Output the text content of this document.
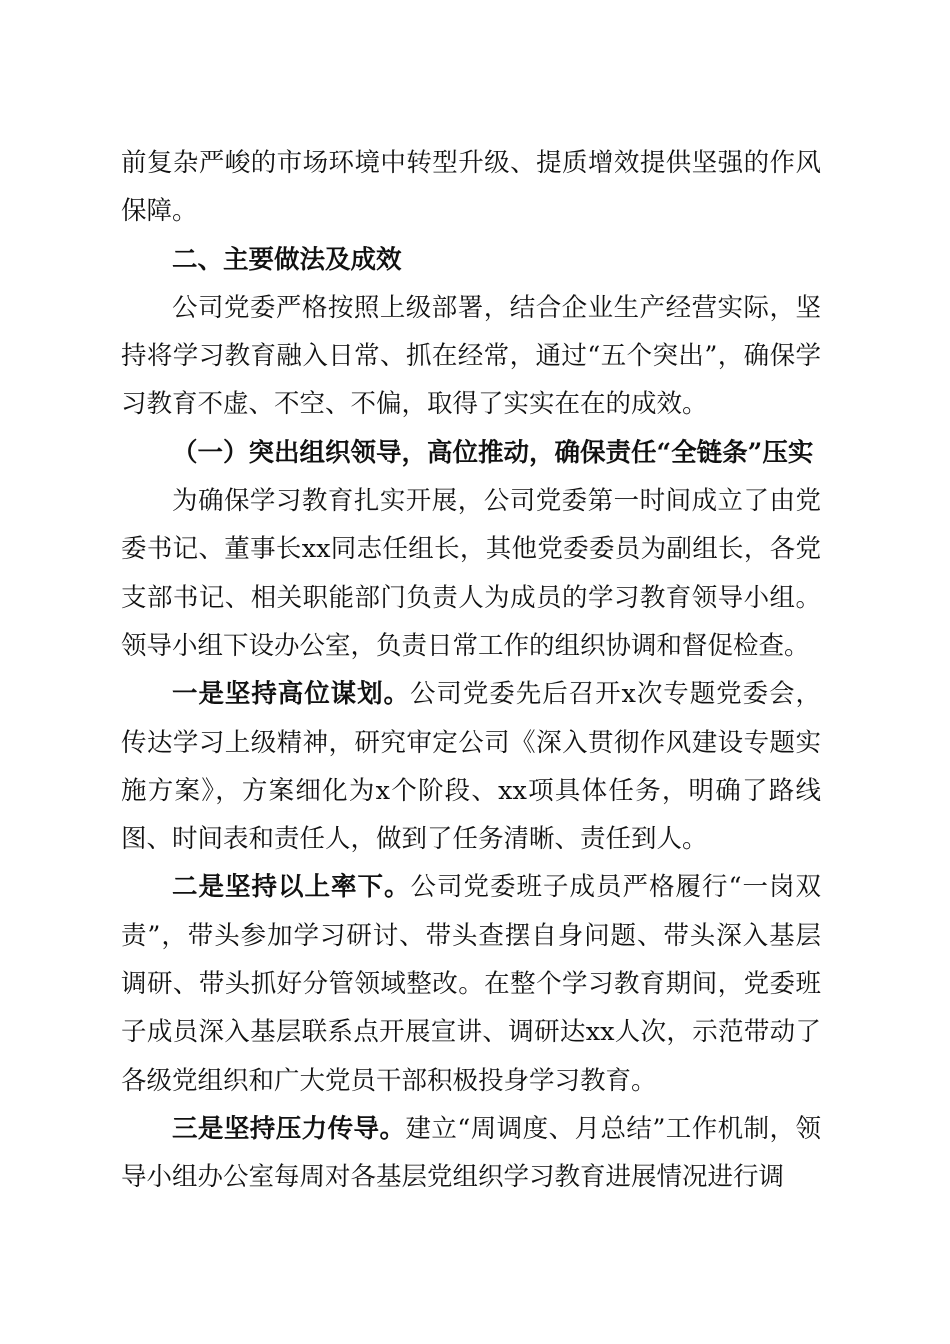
前复杂严峻的市场环境中转型升级、提质增效提供坚强的作风保障。

二、主要做法及成效

公司党委严格按照上级部署，结合企业生产经营实际，坚持将学习教育融入日常、抓在经常，通过“五个突出”，确保学习教育不虚、不空、不偏，取得了实实在在的成效。

（一）突出组织领导，高位推动，确保责任“全链条”压实

为确保学习教育扎实开展，公司党委第一时间成立了由党委书记、董事长xx同志任组长，其他党委委员为副组长，各党支部书记、相关职能部门负责人为成员的学习教育领导小组。领导小组下设办公室，负责日常工作的组织协调和督促检查。

一是坚持高位谋划。公司党委先后召开x次专题党委会，传达学习上级精神，研究审定公司《深入贯彻作风建设专题实施方案》，方案细化为x个阶段、xx项具体任务，明确了路线图、时间表和责任人，做到了任务清晰、责任到人。

二是坚持以上率下。公司党委班子成员严格履行“一岗双责”，带头参加学习研讨、带头查摆自身问题、带头深入基层调研、带头抓好分管领域整改。在整个学习教育期间，党委班子成员深入基层联系点开展宣讲、调研达xx人次，示范带动了各级党组织和广大党员干部积极投身学习教育。

三是坚持压力传导。建立“周调度、月总结”工作机制，领导小组办公室每周对各基层党组织学习教育进展情况进行调
